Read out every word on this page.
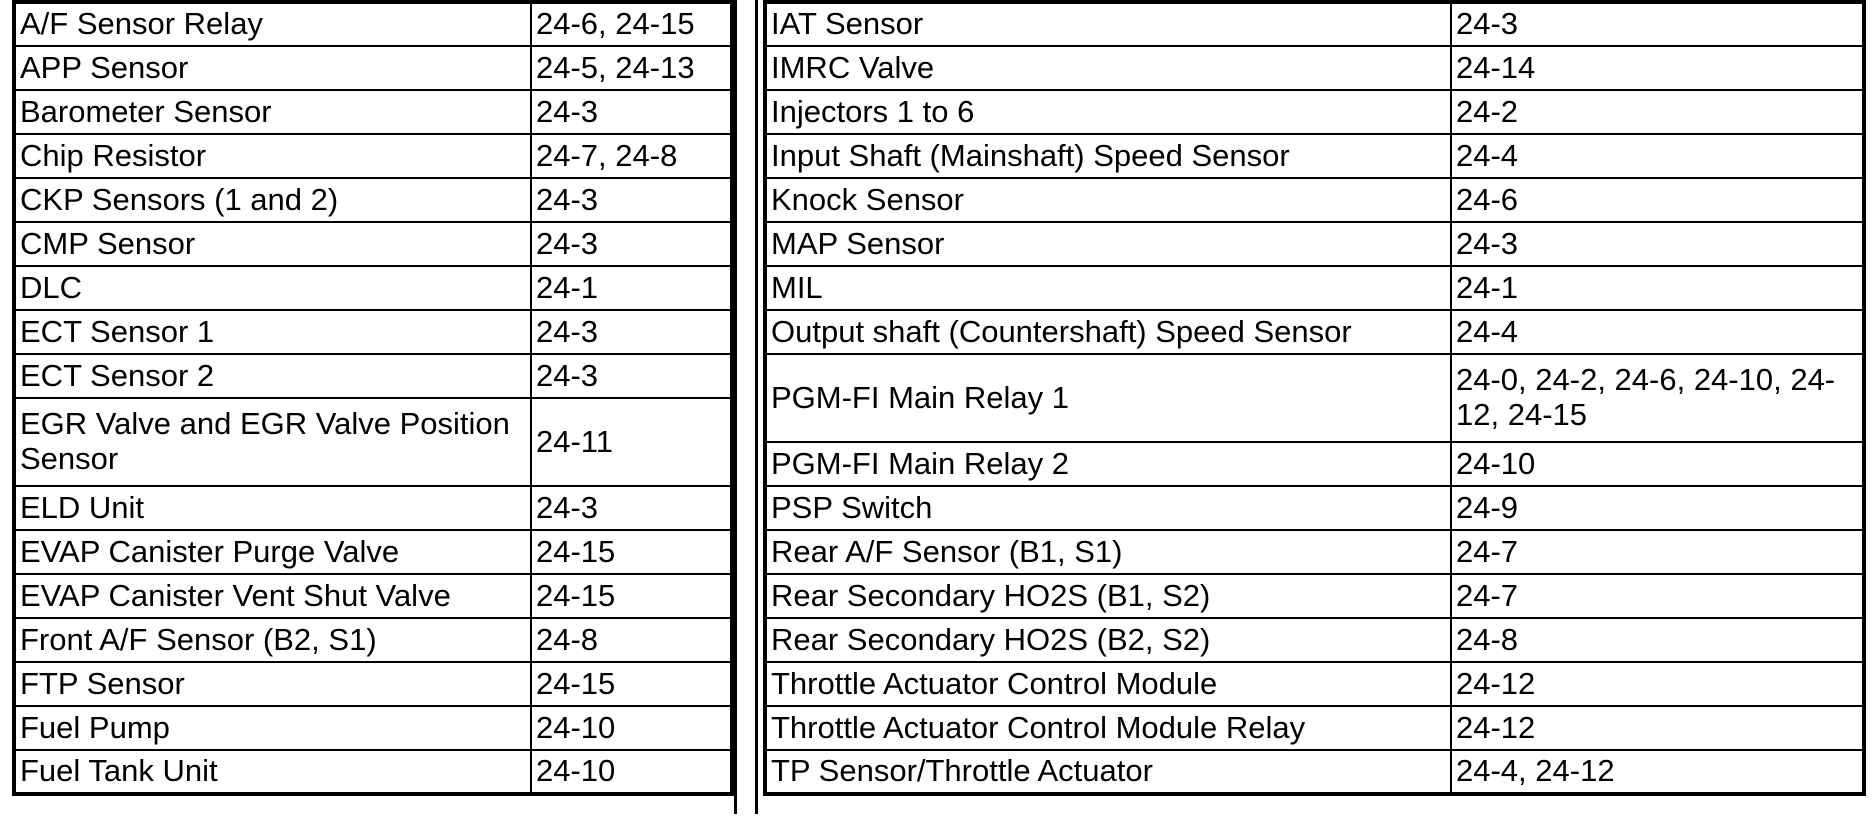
A/F Sensor Relay	24-6, 24-15
APP Sensor	24-5, 24-13
Barometer Sensor	24-3
Chip Resistor	24-7, 24-8
CKP Sensors (1 and 2)	24-3
CMP Sensor	24-3
DLC	24-1
ECT Sensor 1	24-3
ECT Sensor 2	24-3
EGR Valve and EGR Valve Position Sensor	24-11
ELD Unit	24-3
EVAP Canister Purge Valve	24-15
EVAP Canister Vent Shut Valve	24-15
Front A/F Sensor (B2, S1)	24-8
FTP Sensor	24-15
Fuel Pump	24-10
Fuel Tank Unit	24-10
IAT Sensor	24-3
IMRC Valve	24-14
Injectors 1 to 6	24-2
Input Shaft (Mainshaft) Speed Sensor	24-4
Knock Sensor	24-6
MAP Sensor	24-3
MIL	24-1
Output shaft (Countershaft) Speed Sensor	24-4
PGM-FI Main Relay 1	24-0, 24-2, 24-6, 24-10, 24-12, 24-15
PGM-FI Main Relay 2	24-10
PSP Switch	24-9
Rear A/F Sensor (B1, S1)	24-7
Rear Secondary HO2S (B1, S2)	24-7
Rear Secondary HO2S (B2, S2)	24-8
Throttle Actuator Control Module	24-12
Throttle Actuator Control Module Relay	24-12
TP Sensor/Throttle Actuator	24-4, 24-12
